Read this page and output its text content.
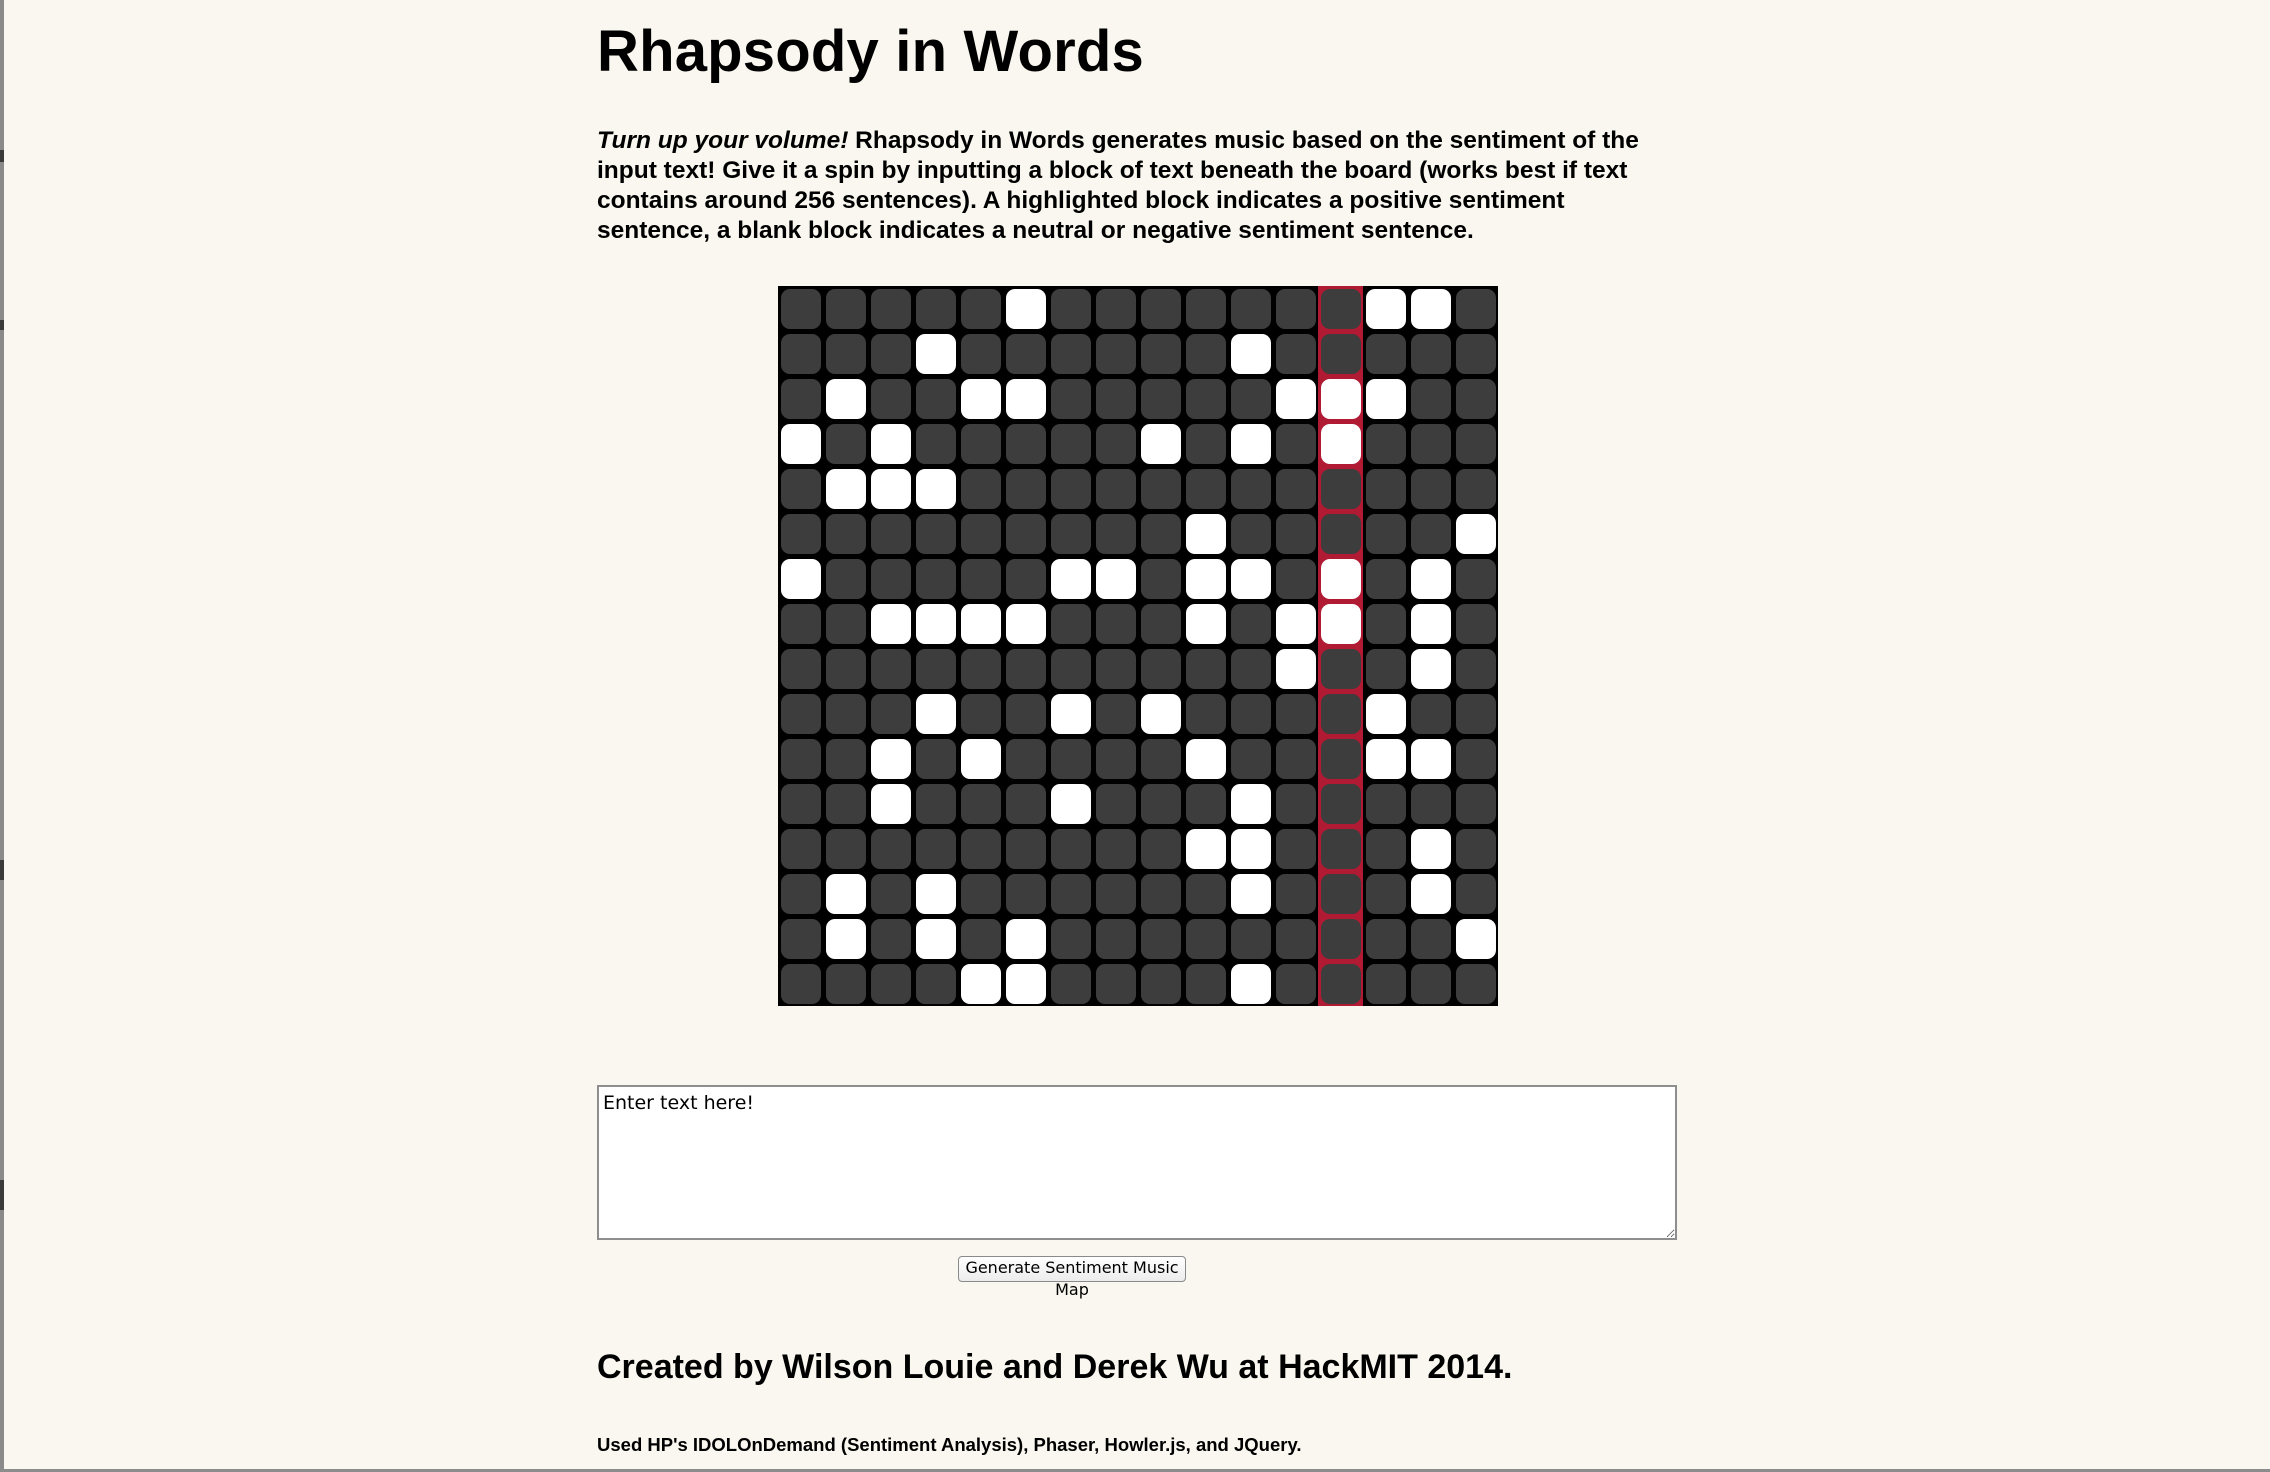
Rhapsody in Words

Turn up your volume! Rhapsody in Words generates music based on the sentiment of the input text! Give it a spin by inputting a block of text beneath the board (works best if text contains around 256 sentences). A highlighted block indicates a positive sentiment sentence, a blank block indicates a neutral or negative sentiment sentence.

Enter text here!
Generate Sentiment Music Map
Created by Wilson Louie and Derek Wu at HackMIT 2014.

Used HP's IDOLOnDemand (Sentiment Analysis), Phaser, Howler.js, and JQuery.
